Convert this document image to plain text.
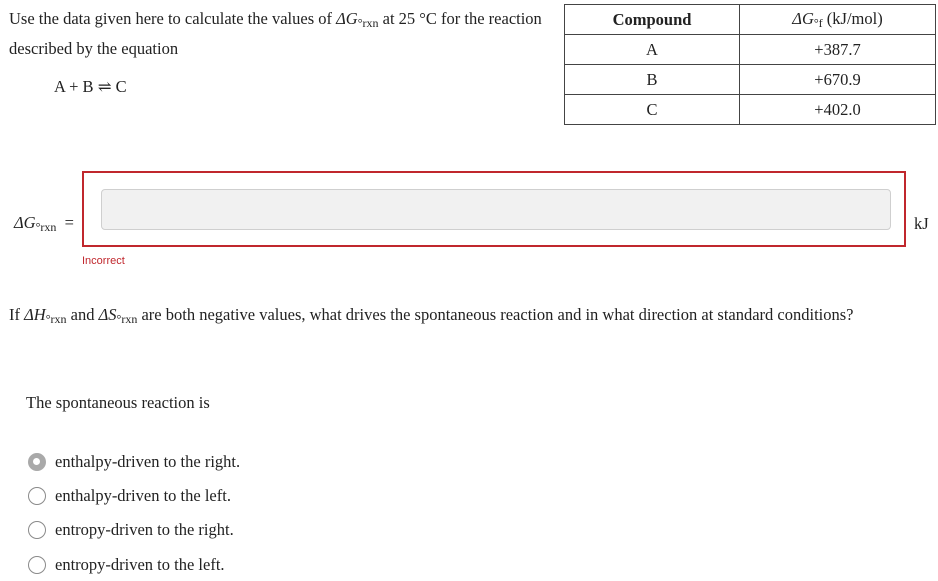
Use the data given here to calculate the values of $\Delta G_{^\circ rxn}$ at 25 °C for the reaction described by the equation
A + B ⇌ C
Compound	$\Delta G_{^\circ f}$ (kJ/mol)
A	+387.7
B	+670.9
C	+402.0
$\Delta G_{^\circ rxn}$ =	kJ
Incorrect
If $\Delta H_{^\circ rxn}$ and $\Delta S_{^\circ rxn}$ are both negative values, what drives the spontaneous reaction and in what direction at standard conditions?
The spontaneous reaction is
enthalpy-driven to the right.
enthalpy-driven to the left.
entropy-driven to the right.
entropy-driven to the left.
